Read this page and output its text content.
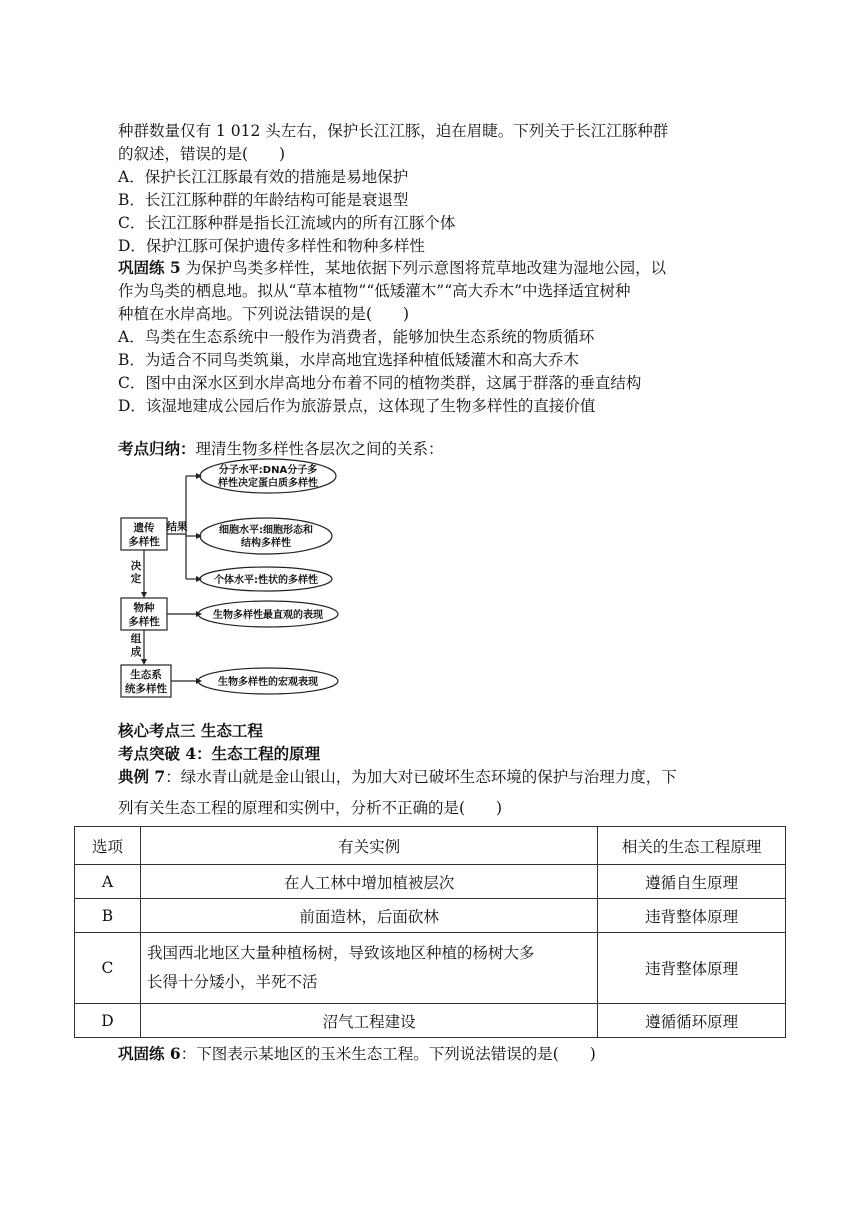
种群数量仅有 1 012 头左右，保护长江江豚，迫在眉睫。下列关于长江江豚种群
的叙述，错误的是(　　)
A．保护长江江豚最有效的措施是易地保护
B．长江江豚种群的年龄结构可能是衰退型
C．长江江豚种群是指长江流域内的所有江豚个体
D．保护江豚可保护遗传多样性和物种多样性
巩固练 5 为保护鸟类多样性，某地依据下列示意图将荒草地改建为湿地公园，以
作为鸟类的栖息地。拟从“草本植物”“低矮灌木”“高大乔木”中选择适宜树种
种植在水岸高地。下列说法错误的是(　　)
A．鸟类在生态系统中一般作为消费者，能够加快生态系统的物质循环
B．为适合不同鸟类筑巢，水岸高地宜选择种植低矮灌木和高大乔木
C．图中由深水区到水岸高地分布着不同的植物类群，这属于群落的垂直结构
D．该湿地建成公园后作为旅游景点，这体现了生物多样性的直接价值
考点归纳：理清生物多样性各层次之间的关系：
遗传
多样性
物种
多样性
生态系
统多样性
结果
决
定
组
成
分子水平:DNA分子多
样性决定蛋白质多样性
细胞水平:细胞形态和
结构多样性
个体水平:性状的多样性
生物多样性最直观的表现
生物多样性的宏观表现
核心考点三 生态工程
考点突破 4：生态工程的原理
典例 7：绿水青山就是金山银山，为加大对已破坏生态环境的保护与治理力度，下
列有关生态工程的原理和实例中，分析不正确的是(　　)
选项	有关实例	相关的生态工程原理
A	在人工林中增加植被层次	遵循自生原理
B	前面造林，后面砍林	违背整体原理
C	我国西北地区大量种植杨树，导致该地区种植的杨树大多
长得十分矮小，半死不活	违背整体原理
D	沼气工程建设	遵循循环原理
巩固练 6：下图表示某地区的玉米生态工程。下列说法错误的是(　　)
